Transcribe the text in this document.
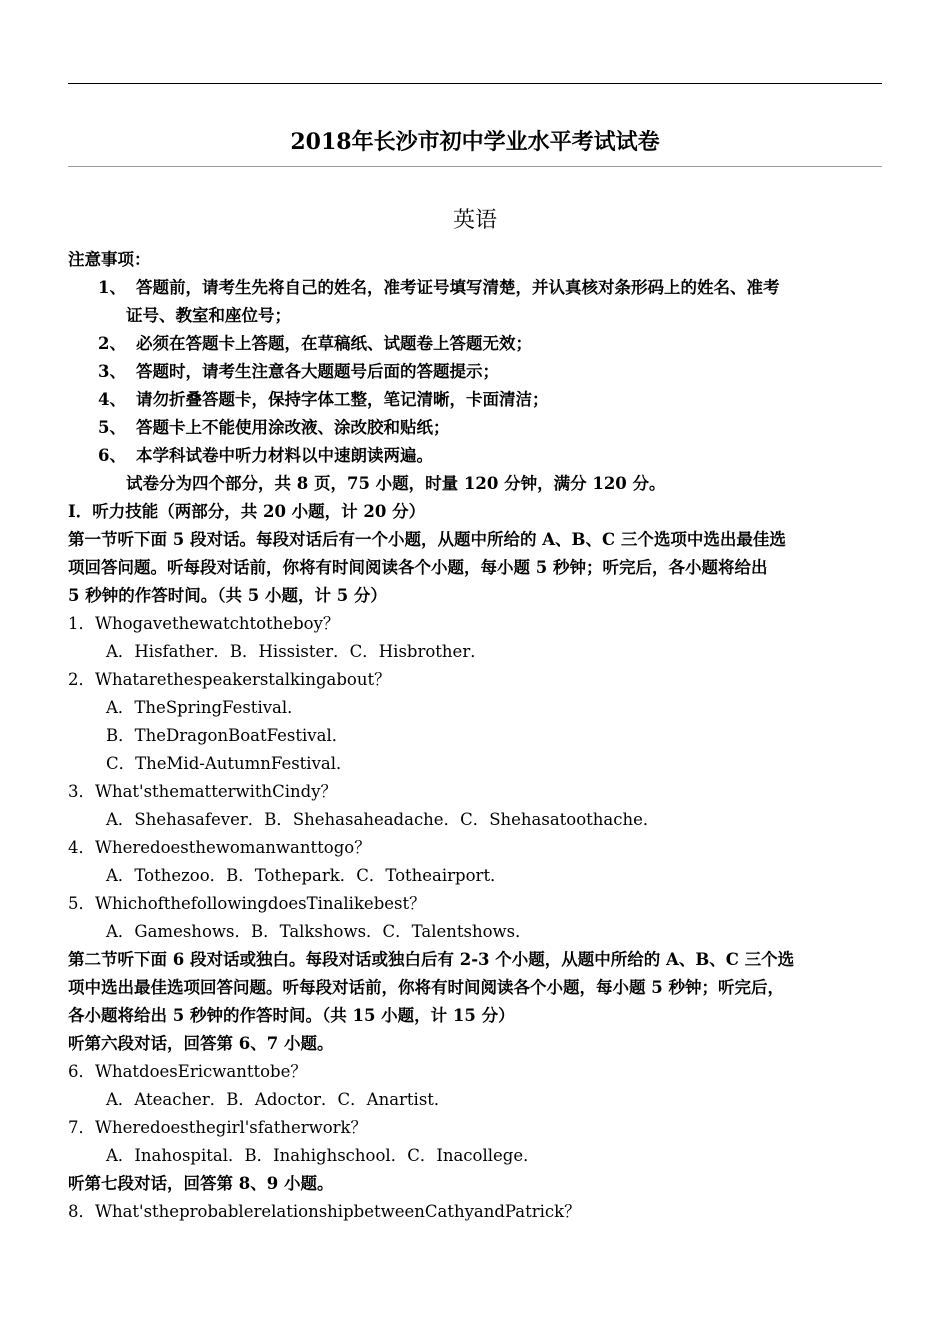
2018年长沙市初中学业水平考试试卷
英语
注意事项：
1、 答题前，请考生先将自己的姓名，准考证号填写清楚，并认真核对条形码上的姓名、准考
证号、教室和座位号；
2、 必须在答题卡上答题，在草稿纸、试题卷上答题无效；
3、 答题时，请考生注意各大题题号后面的答题提示；
4、 请勿折叠答题卡，保持字体工整，笔记清晰，卡面清洁；
5、 答题卡上不能使用涂改液、涂改胶和贴纸；
6、 本学科试卷中听力材料以中速朗读两遍。
试卷分为四个部分，共 8 页，75 小题，时量 120 分钟，满分 120 分。
Ⅰ．听力技能（两部分，共 20 小题，计 20 分）
第一节听下面 5 段对话。每段对话后有一个小题，从题中所给的 A、B、C 三个选项中选出最佳选
项回答问题。听每段对话前，你将有时间阅读各个小题，每小题 5 秒钟；听完后，各小题将给出
5 秒钟的作答时间。（共 5 小题，计 5 分）
1．Whogavethewatchtotheboy？
A．Hisfather．B．Hissister．C．Hisbrother．
2．Whatarethespeakerstalkingabout？
A．TheSpringFestival．
B．TheDragonBoatFestival．
C．TheMid-AutumnFestival．
3．What'sthematterwithCindy？
A．Shehasafever．B．Shehasaheadache．C．Shehasatoothache．
4．Wheredoesthewomanwanttogo？
A．Tothezoo．B．Tothepark．C．Totheairport．
5．WhichofthefollowingdoesTinalikebest？
A．Gameshows．B．Talkshows．C．Talentshows．
第二节听下面 6 段对话或独白。每段对话或独白后有 2-3 个小题，从题中所给的 A、B、C 三个选
项中选出最佳选项回答问题。听每段对话前，你将有时间阅读各个小题，每小题 5 秒钟；听完后，
各小题将给出 5 秒钟的作答时间。（共 15 小题，计 15 分）
听第六段对话，回答第 6、7 小题。
6．WhatdoesEricwanttobe？
A．Ateacher．B．Adoctor．C．Anartist．
7．Wheredoesthegirl'sfatherwork？
A．Inahospital．B．Inahighschool．C．Inacollege．
听第七段对话，回答第 8、9 小题。
8．What'stheprobablerelationshipbetweenCathyandPatrick？
